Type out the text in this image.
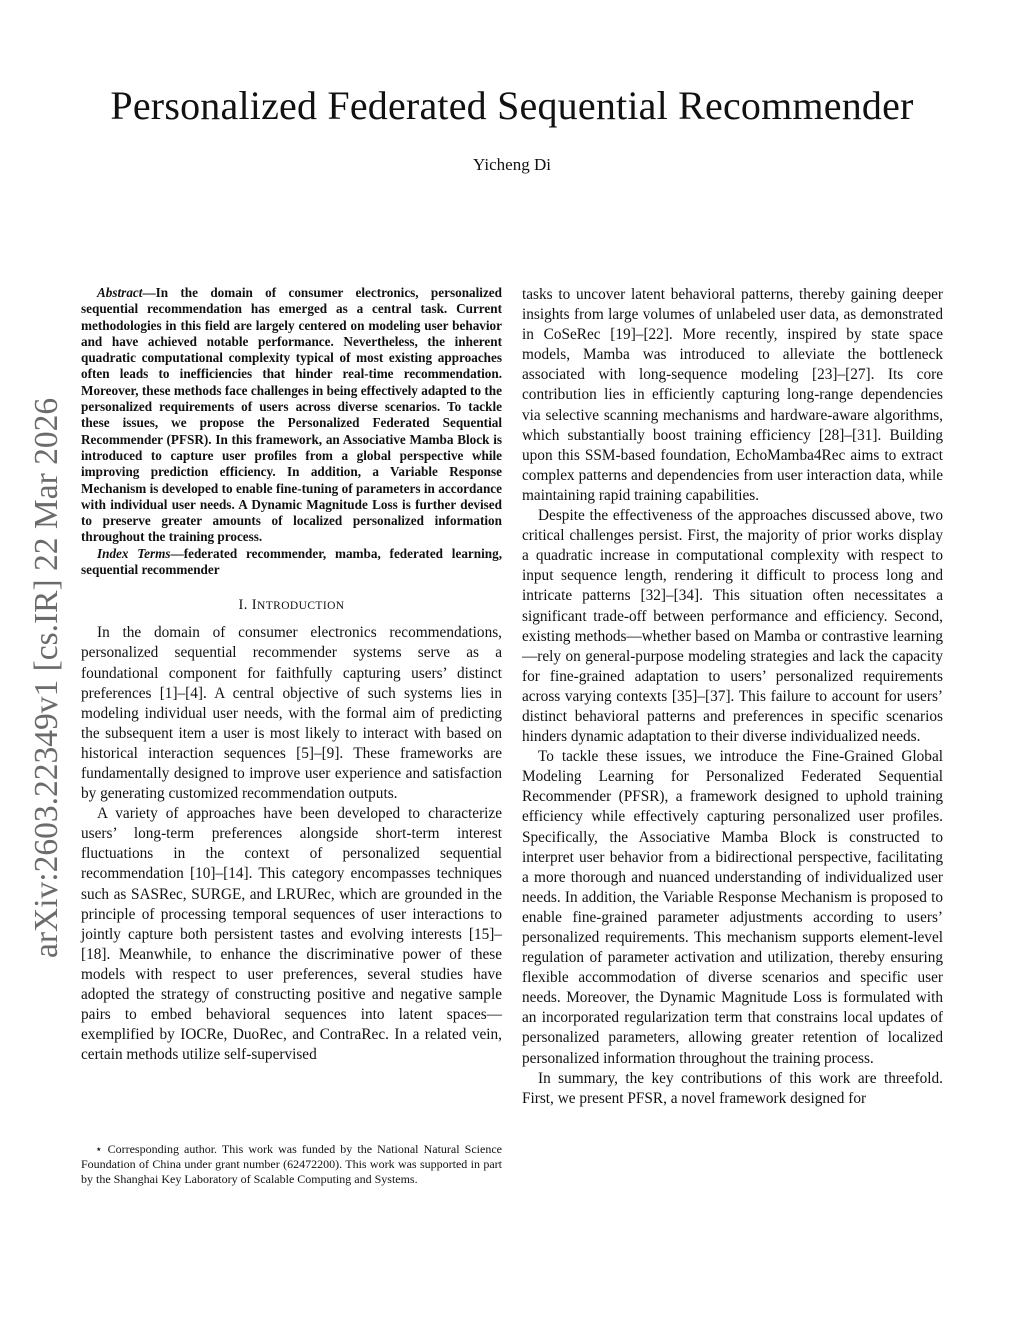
Personalized Federated Sequential Recommender
Yicheng Di
arXiv:2603.22349v1 [cs.IR] 22 Mar 2026

Abstract—In the domain of consumer electronics, personalized sequential recommendation has emerged as a central task. Current methodologies in this field are largely centered on modeling user behavior and have achieved notable performance. Nevertheless, the inherent quadratic computational complexity typical of most existing approaches often leads to inefficiencies that hinder real-time recommendation. Moreover, these methods face challenges in being effectively adapted to the personalized requirements of users across diverse scenarios. To tackle these issues, we propose the Personalized Federated Sequential Recommender (PFSR). In this framework, an Associative Mamba Block is introduced to capture user profiles from a global perspective while improving prediction efficiency. In addition, a Variable Response Mechanism is developed to enable fine-tuning of parameters in accordance with individual user needs. A Dynamic Magnitude Loss is further devised to preserve greater amounts of localized personalized information throughout the training process.

Index Terms—federated recommender, mamba, federated learning, sequential recommender

I. INTRODUCTION

In the domain of consumer electronics recommendations, personalized sequential recommender systems serve as a foundational component for faithfully capturing users’ distinct preferences [1]–[4]. A central objective of such systems lies in modeling individual user needs, with the formal aim of predicting the subsequent item a user is most likely to interact with based on historical interaction sequences [5]–[9]. These frameworks are fundamentally designed to improve user experience and satisfaction by generating customized recommendation outputs.

A variety of approaches have been developed to characterize users’ long-term preferences alongside short-term interest fluctuations in the context of personalized sequential recommendation [10]–[14]. This category encompasses techniques such as SASRec, SURGE, and LRURec, which are grounded in the principle of processing temporal sequences of user interactions to jointly capture both persistent tastes and evolving interests [15]–[18]. Meanwhile, to enhance the discriminative power of these models with respect to user preferences, several studies have adopted the strategy of constructing positive and negative sample pairs to embed behavioral sequences into latent spaces—exemplified by IOCRe, DuoRec, and ContraRec. In a related vein, certain methods utilize self-supervised

⋆ Corresponding author. This work was funded by the National Natural Science Foundation of China under grant number (62472200). This work was supported in part by the Shanghai Key Laboratory of Scalable Computing and Systems.

tasks to uncover latent behavioral patterns, thereby gaining deeper insights from large volumes of unlabeled user data, as demonstrated in CoSeRec [19]–[22]. More recently, inspired by state space models, Mamba was introduced to alleviate the bottleneck associated with long-sequence modeling [23]–[27]. Its core contribution lies in efficiently capturing long-range dependencies via selective scanning mechanisms and hardware-aware algorithms, which substantially boost training efficiency [28]–[31]. Building upon this SSM-based foundation, EchoMamba4Rec aims to extract complex patterns and dependencies from user interaction data, while maintaining rapid training capabilities.

Despite the effectiveness of the approaches discussed above, two critical challenges persist. First, the majority of prior works display a quadratic increase in computational complexity with respect to input sequence length, rendering it difficult to process long and intricate patterns [32]–[34]. This situation often necessitates a significant trade-off between performance and efficiency. Second, existing methods—whether based on Mamba or contrastive learning—rely on general-purpose modeling strategies and lack the capacity for fine-grained adaptation to users’ personalized requirements across varying contexts [35]–[37]. This failure to account for users’ distinct behavioral patterns and preferences in specific scenarios hinders dynamic adaptation to their diverse individualized needs.

To tackle these issues, we introduce the Fine-Grained Global Modeling Learning for Personalized Federated Sequential Recommender (PFSR), a framework designed to uphold training efficiency while effectively capturing personalized user profiles. Specifically, the Associative Mamba Block is constructed to interpret user behavior from a bidirectional perspective, facilitating a more thorough and nuanced understanding of individualized user needs. In addition, the Variable Response Mechanism is proposed to enable fine-grained parameter adjustments according to users’ personalized requirements. This mechanism supports element-level regulation of parameter activation and utilization, thereby ensuring flexible accommodation of diverse scenarios and specific user needs. Moreover, the Dynamic Magnitude Loss is formulated with an incorporated regularization term that constrains local updates of personalized parameters, allowing greater retention of localized personalized information throughout the training process.

In summary, the key contributions of this work are threefold. First, we present PFSR, a novel framework designed for
